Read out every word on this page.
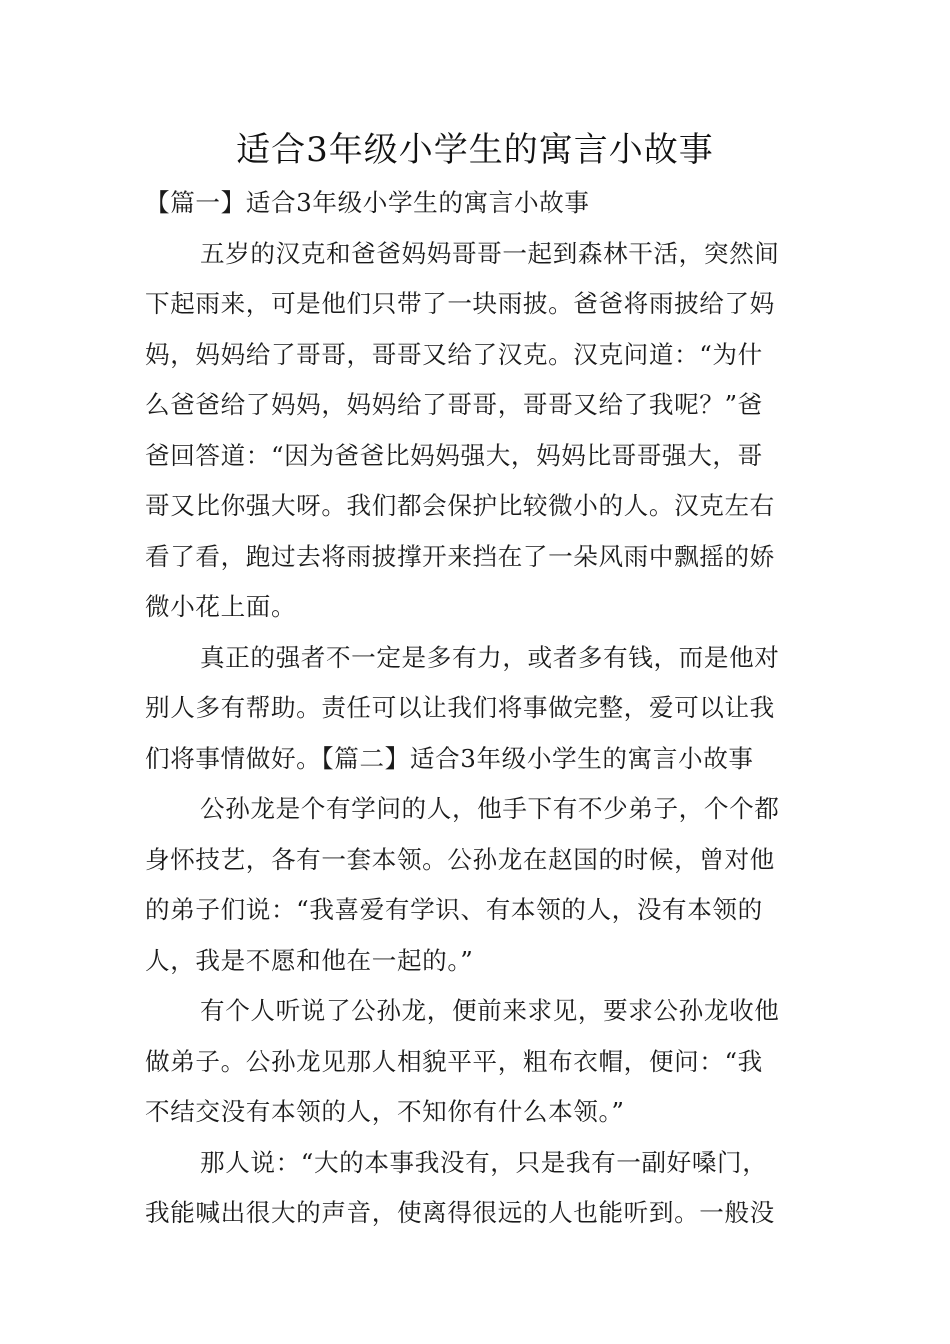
适合3年级小学生的寓言小故事
【篇一】适合3年级小学生的寓言小故事
五岁的汉克和爸爸妈妈哥哥一起到森林干活，突然间
下起雨来，可是他们只带了一块雨披。爸爸将雨披给了妈
妈，妈妈给了哥哥，哥哥又给了汉克。汉克问道：“为什
么爸爸给了妈妈，妈妈给了哥哥，哥哥又给了我呢？”爸
爸回答道：“因为爸爸比妈妈强大，妈妈比哥哥强大，哥
哥又比你强大呀。我们都会保护比较微小的人。汉克左右
看了看，跑过去将雨披撑开来挡在了一朵风雨中飘摇的娇
微小花上面。
真正的强者不一定是多有力，或者多有钱，而是他对
别人多有帮助。责任可以让我们将事做完整，爱可以让我
们将事情做好。【篇二】适合3年级小学生的寓言小故事
公孙龙是个有学问的人，他手下有不少弟子，个个都
身怀技艺，各有一套本领。公孙龙在赵国的时候，曾对他
的弟子们说：“我喜爱有学识、有本领的人，没有本领的
人，我是不愿和他在一起的。”
有个人听说了公孙龙，便前来求见，要求公孙龙收他
做弟子。公孙龙见那人相貌平平，粗布衣帽，便问：“我
不结交没有本领的人，不知你有什么本领。”
那人说：“大的本事我没有，只是我有一副好嗓门，
我能喊出很大的声音，使离得很远的人也能听到。一般没
